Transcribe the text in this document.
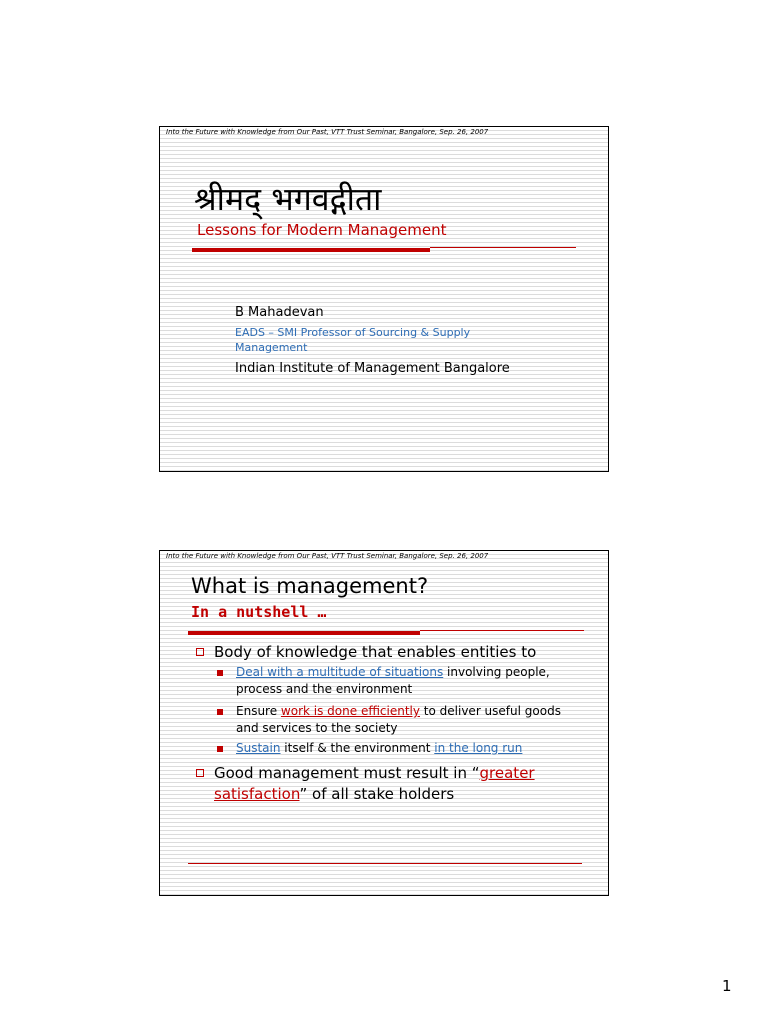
Into the Future with Knowledge from Our Past, VTT Trust Seminar, Bangalore, Sep. 26, 2007
श्रीमद् भगवद्गीता
Lessons for Modern Management
B Mahadevan
EADS – SMI Professor of Sourcing & Supply Management
Indian Institute of Management Bangalore
Into the Future with Knowledge from Our Past, VTT Trust Seminar, Bangalore, Sep. 26, 2007
What is management?
In a nutshell …
Body of knowledge that enables entities to
Deal with a multitude of situations involving people, process and the environment
Ensure work is done efficiently to deliver useful goods and services to the society
Sustain itself & the environment in the long run
Good management must result in “greater satisfaction” of all stake holders
1
